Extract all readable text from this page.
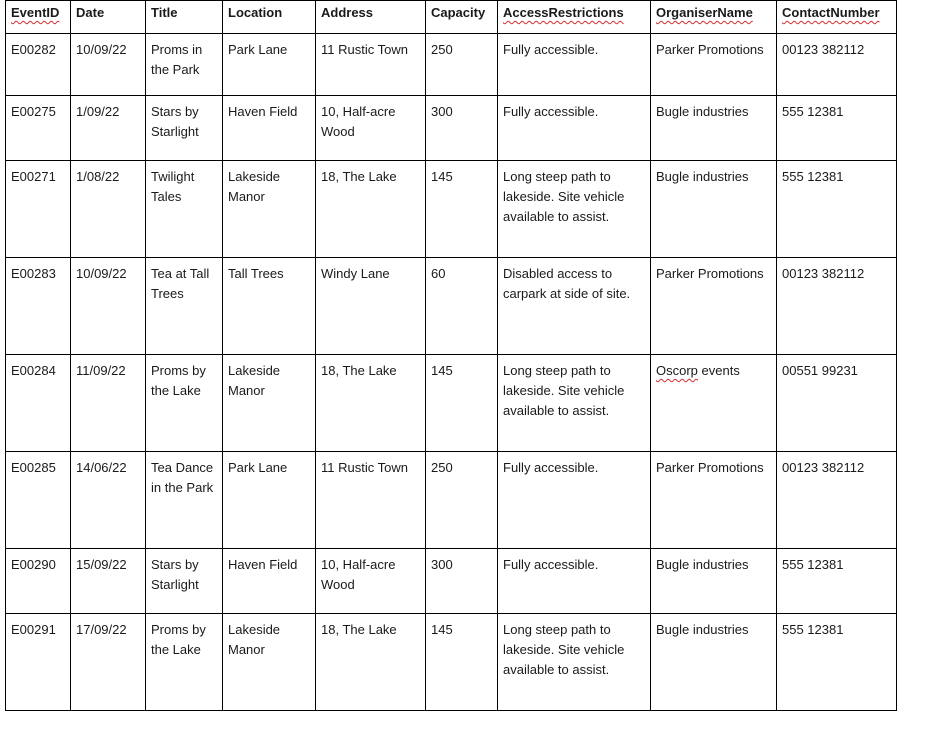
EventID	Date	Title	Location	Address	Capacity	AccessRestrictions	OrganiserName	ContactNumber

E00282	10/09/22	Proms in the Park	Park Lane	11 Rustic Town	250	Fully accessible.	Parker Promotions	00123 382112

E00275	1/09/22	Stars by Starlight	Haven Field	10, Half-acre Wood	300	Fully accessible.	Bugle industries	555 12381

E00271	1/08/22	Twilight Tales	Lakeside Manor	18, The Lake	145	Long steep path to lakeside. Site vehicle available to assist.	Bugle industries	555 12381

E00283	10/09/22	Tea at Tall Trees	Tall Trees	Windy Lane	60	Disabled access to carpark at side of site.	Parker Promotions	00123 382112

E00284	11/09/22	Proms by the Lake	Lakeside Manor	18, The Lake	145	Long steep path to lakeside. Site vehicle available to assist.	Oscorp events	00551 99231

E00285	14/06/22	Tea Dance in the Park	Park Lane	11 Rustic Town	250	Fully accessible.	Parker Promotions	00123 382112

E00290	15/09/22	Stars by Starlight	Haven Field	10, Half-acre Wood	300	Fully accessible.	Bugle industries	555 12381

E00291	17/09/22	Proms by the Lake	Lakeside Manor	18, The Lake	145	Long steep path to lakeside. Site vehicle available to assist.	Bugle industries	555 12381
